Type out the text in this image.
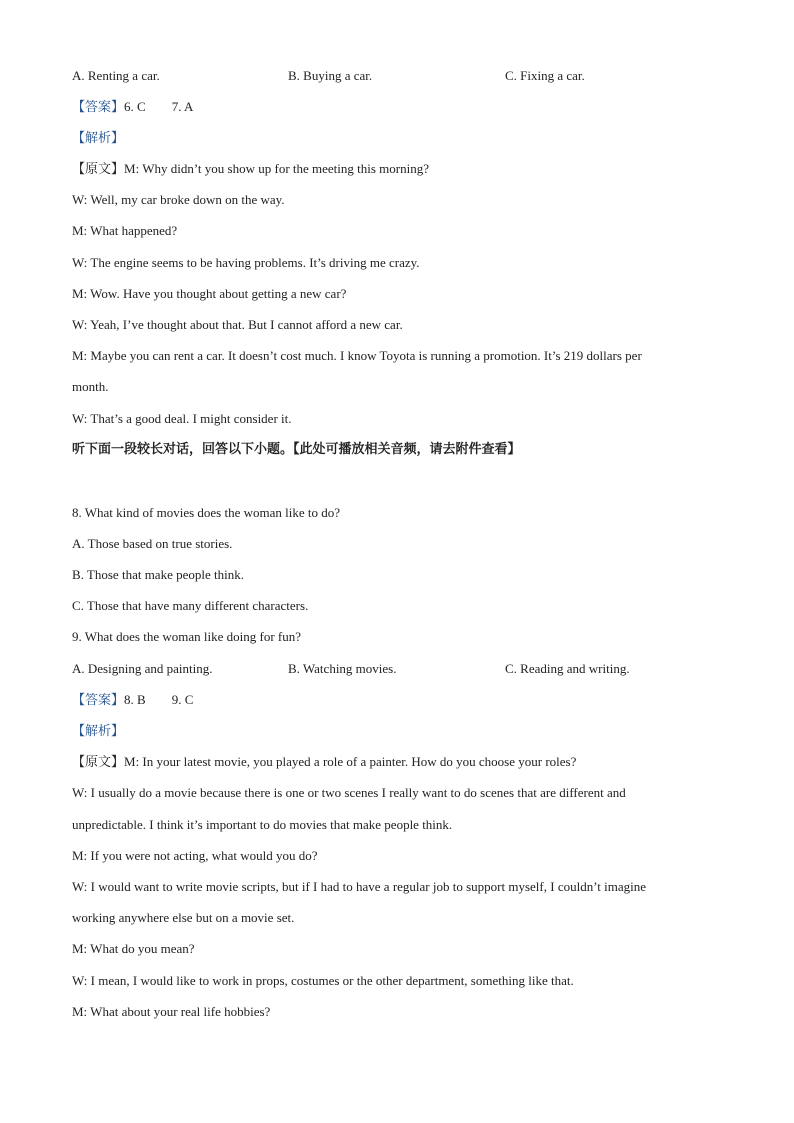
A. Renting a car.	B. Buying a car.	C. Fixing a car.
【答案】6. C 7. A
【解析】
【原文】M: Why didn’t you show up for the meeting this morning?
W: Well, my car broke down on the way.
M: What happened?
W: The engine seems to be having problems. It’s driving me crazy.
M: Wow. Have you thought about getting a new car?
W: Yeah, I’ve thought about that. But I cannot afford a new car.
M: Maybe you can rent a car. It doesn’t cost much. I know Toyota is running a promotion. It’s 219 dollars per
month.
W: That’s a good deal. I might consider it.
听下面一段较长对话，回答以下小题。【此处可播放相关音频，请去附件查看】
8. What kind of movies does the woman like to do?
A. Those based on true stories.
B. Those that make people think.
C. Those that have many different characters.
9. What does the woman like doing for fun?
A. Designing and painting.	B. Watching movies.	C. Reading and writing.
【答案】8. B 9. C
【解析】
【原文】M: In your latest movie, you played a role of a painter. How do you choose your roles?
W: I usually do a movie because there is one or two scenes I really want to do scenes that are different and
unpredictable. I think it’s important to do movies that make people think.
M: If you were not acting, what would you do?
W: I would want to write movie scripts, but if I had to have a regular job to support myself, I couldn’t imagine
working anywhere else but on a movie set.
M: What do you mean?
W: I mean, I would like to work in props, costumes or the other department, something like that.
M: What about your real life hobbies?
